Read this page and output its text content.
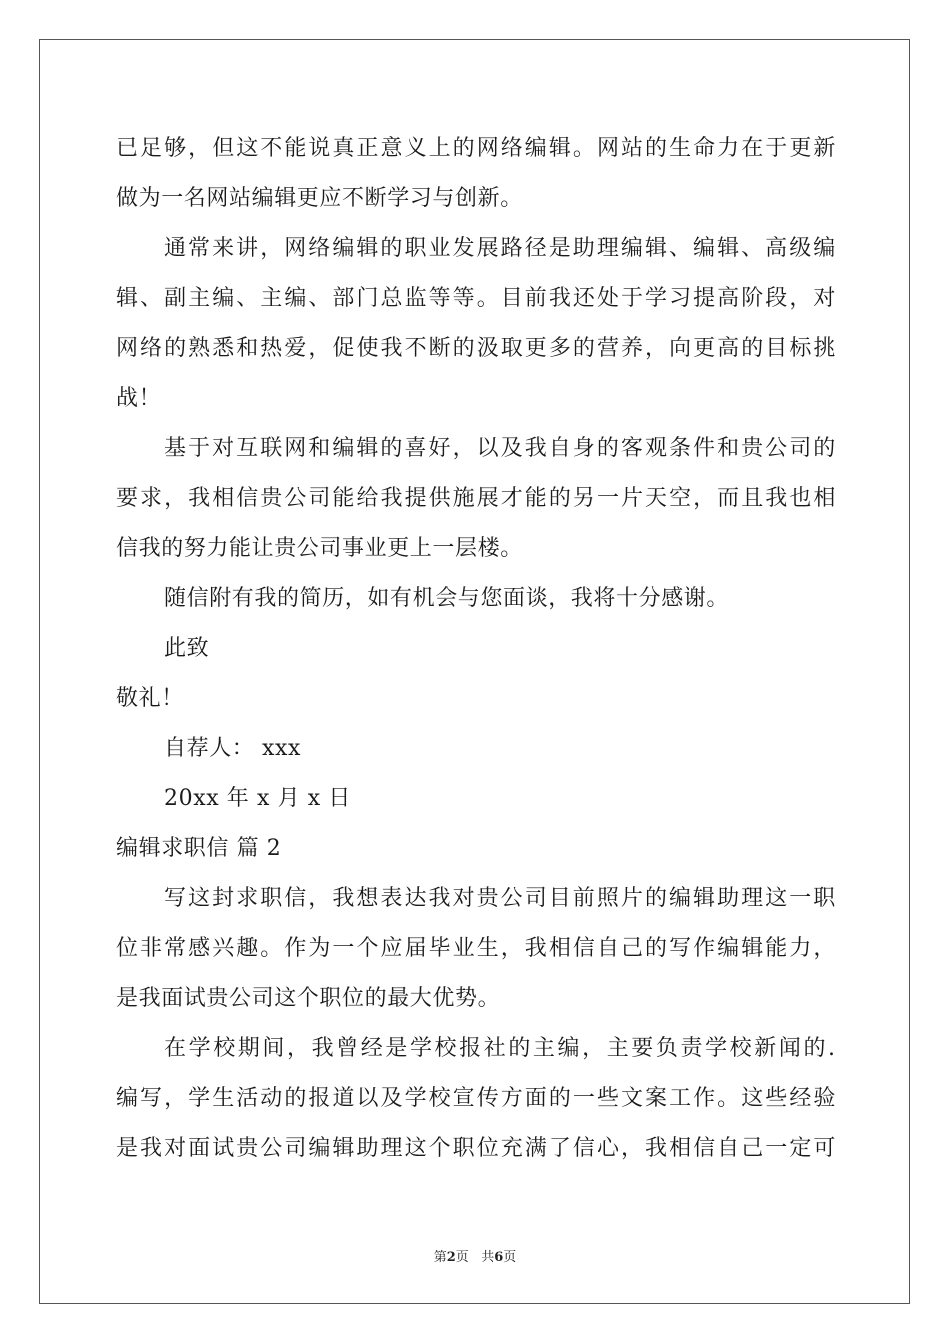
已 足 够 ， 但 这 不 能 说 真 正 意 义 上 的 网 络 编 辑 。 网 站 的 生 命 力 在 于 更 新
做为一名网站编辑更应不断学习与创新。
通 常 来 讲 ， 网 络 编 辑 的 职 业 发 展 路 径 是 助 理 编 辑 、 编 辑 、 高 级 编
辑 、 副 主 编 、 主 编 、 部 门 总 监 等 等 。 目 前 我 还 处 于 学 习 提 高 阶 段 ， 对
网 络 的 熟 悉 和 热 爱 ， 促 使 我 不 断 的 汲 取 更 多 的 营 养 ， 向 更 高 的 目 标 挑
战！
基 于 对 互 联 网 和 编 辑 的 喜 好 ， 以 及 我 自 身 的 客 观 条 件 和 贵 公 司 的
要 求 ， 我 相 信 贵 公 司 能 给 我 提 供 施 展 才 能 的 另 一 片 天 空 ， 而 且 我 也 相
信我的努力能让贵公司事业更上一层楼。
随信附有我的简历，如有机会与您面谈，我将十分感谢。
此致
敬礼！
自荐人： xxx
20xx 年 x 月 x 日
编辑求职信 篇 2
写 这 封 求 职 信 ， 我 想 表 达 我 对 贵 公 司 目 前 照 片 的 编 辑 助 理 这 一 职
位 非 常 感 兴 趣 。 作 为 一 个 应 届 毕 业 生 ， 我 相 信 自 己 的 写 作 编 辑 能 力 ，
是我面试贵公司这个职位的最大优势。
在 学 校 期 间 ， 我 曾 经 是 学 校 报 社 的 主 编 ， 主 要 负 责 学 校 新 闻 的 .
编 写 ， 学 生 活 动 的 报 道 以 及 学 校 宣 传 方 面 的 一 些 文 案 工 作 。 这 些 经 验
是 我 对 面 试 贵 公 司 编 辑 助 理 这 个 职 位 充 满 了 信 心 ， 我 相 信 自 己 一 定 可
第2页 共6页
